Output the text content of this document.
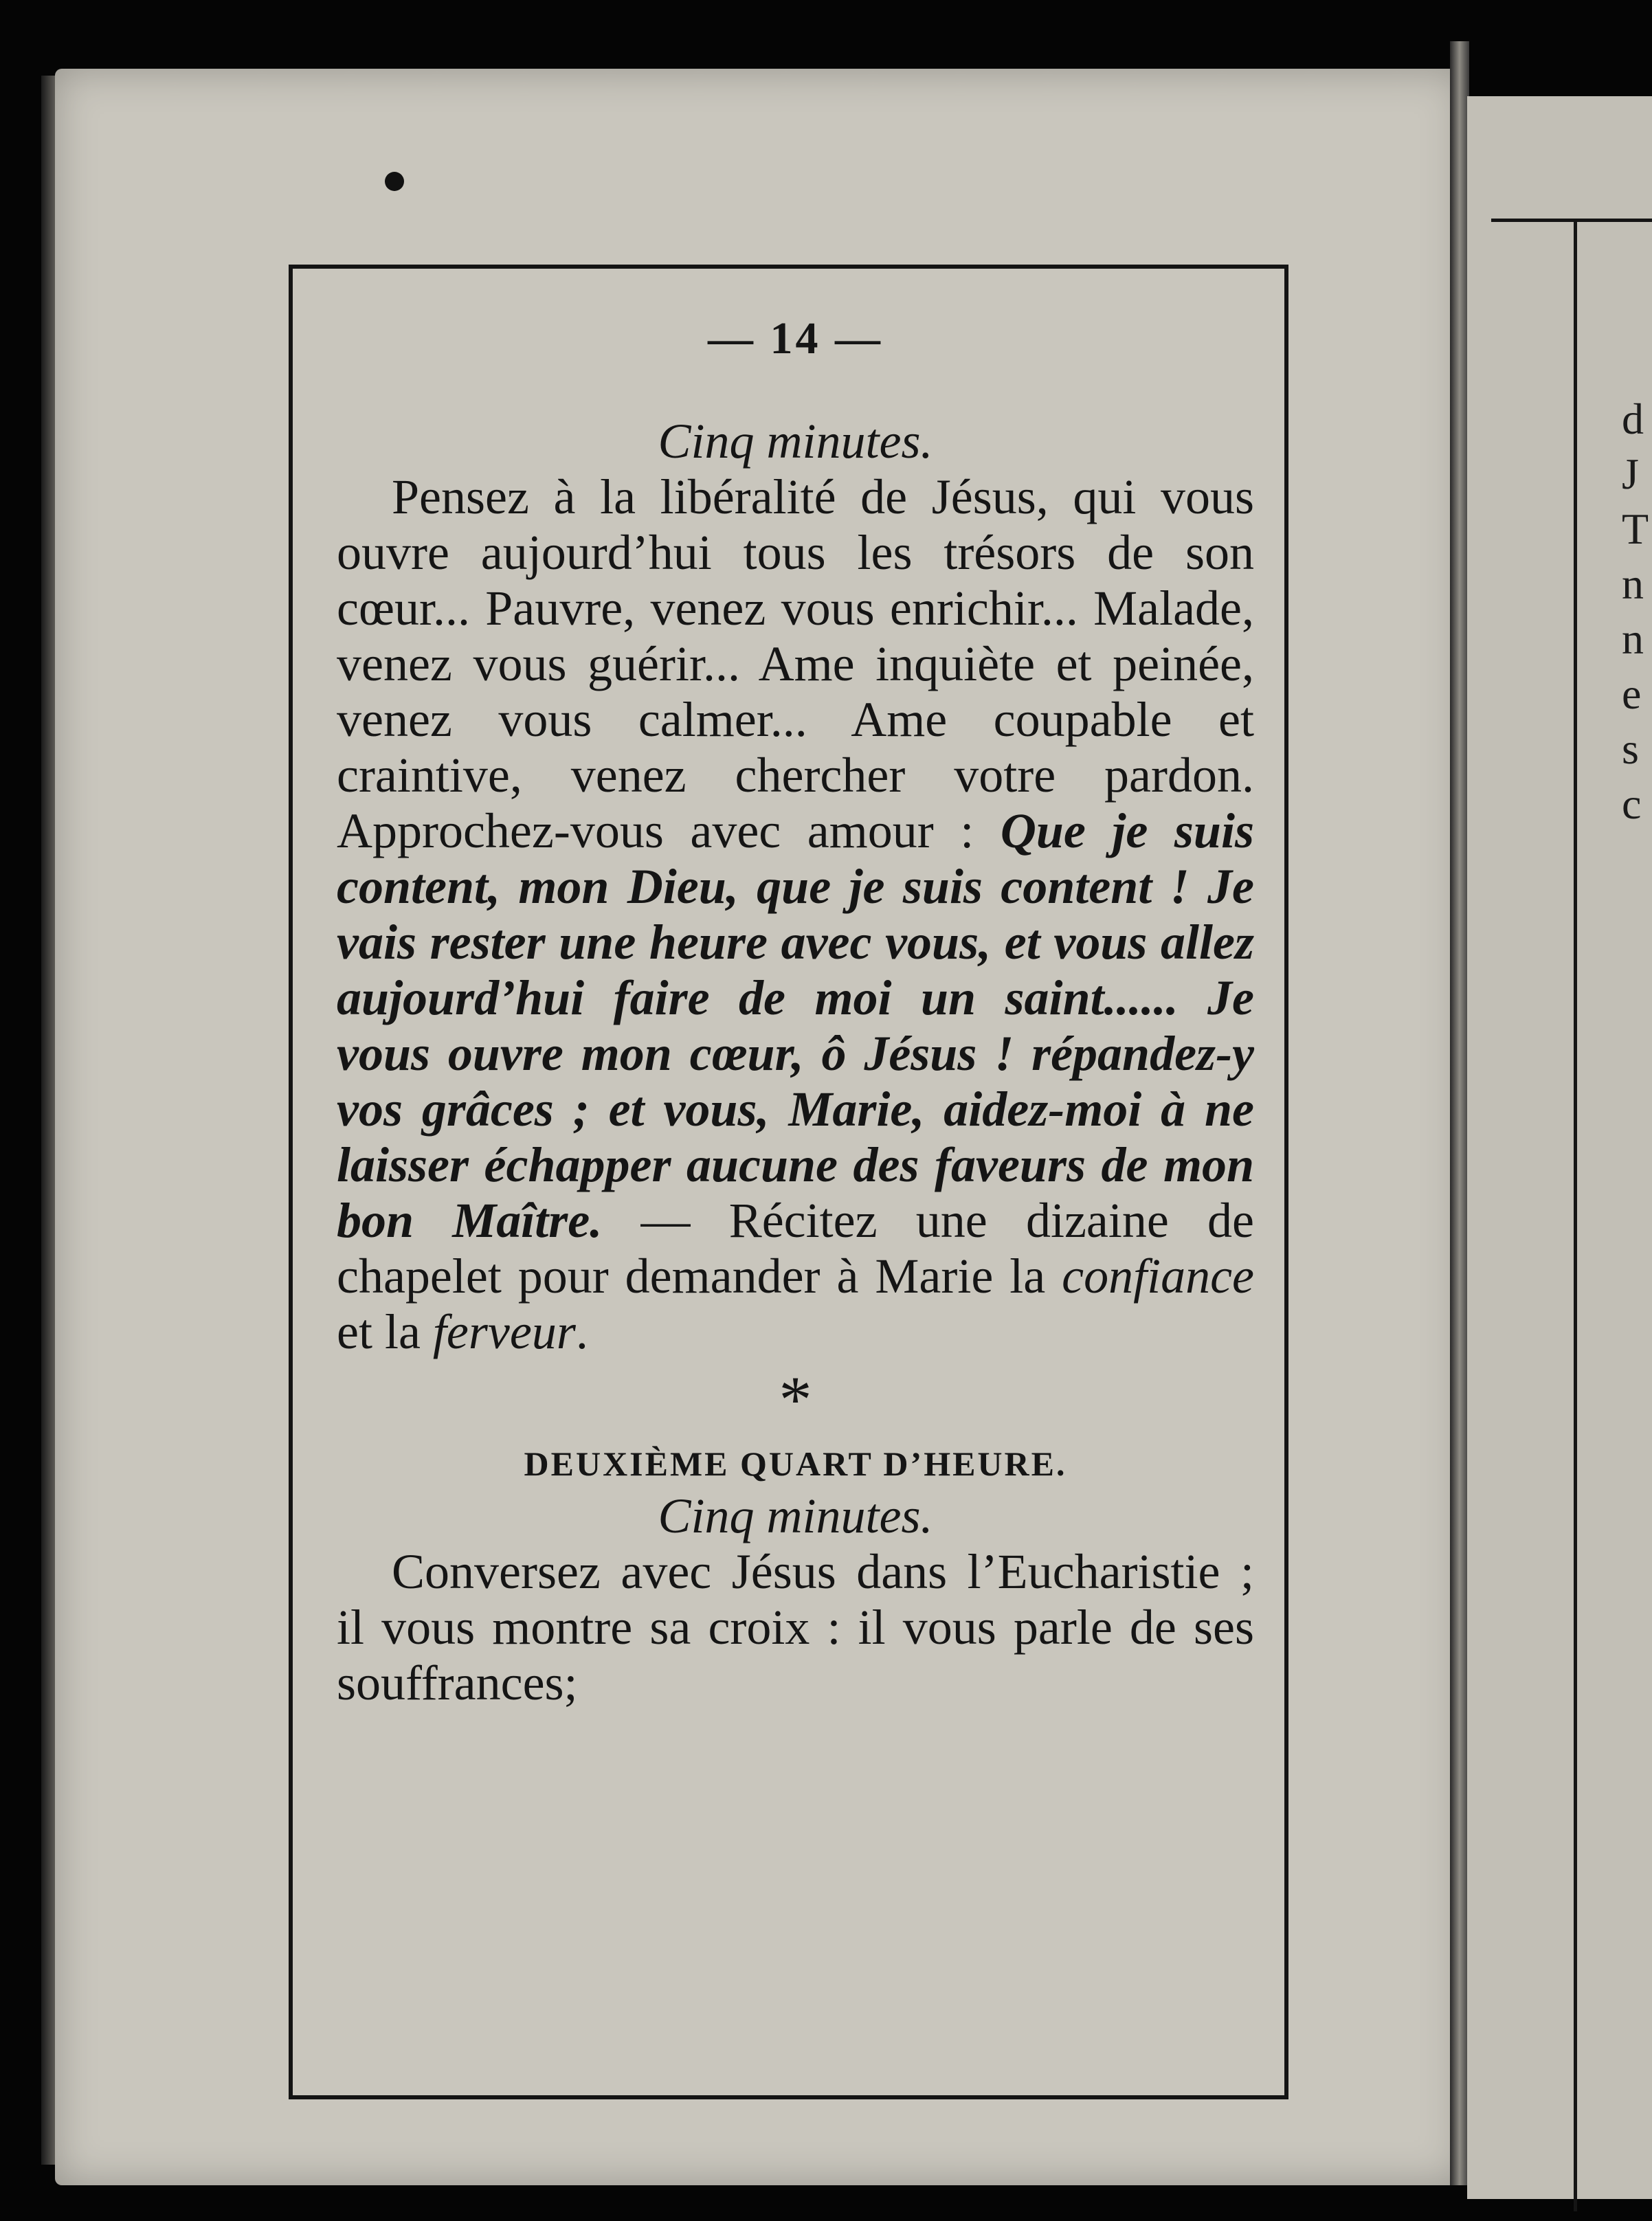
d
J
T
n
n
e
s
c
— 14 —
Cinq minutes.

Pensez à la libéralité de Jésus, qui vous ouvre aujourd’hui tous les trésors de son cœur... Pauvre, venez vous enrichir... Malade, venez vous guérir... Ame inquiète et peinée, venez vous calmer... Ame coupable et craintive, venez chercher votre pardon. Approchez-vous avec amour : Que je suis content, mon Dieu, que je suis content ! Je vais rester une heure avec vous, et vous allez aujourd’hui faire de moi un saint...... Je vous ouvre mon cœur, ô Jésus ! répandez-y vos grâces ; et vous, Marie, aidez-moi à ne laisser échapper aucune des faveurs de mon bon Maître. — Récitez une dizaine de chapelet pour demander à Marie la confiance et la ferveur.

*
DEUXIÈME QUART D’HEURE.
Cinq minutes.

Conversez avec Jésus dans l’Eucharistie ; il vous montre sa croix : il vous parle de ses souffrances;
